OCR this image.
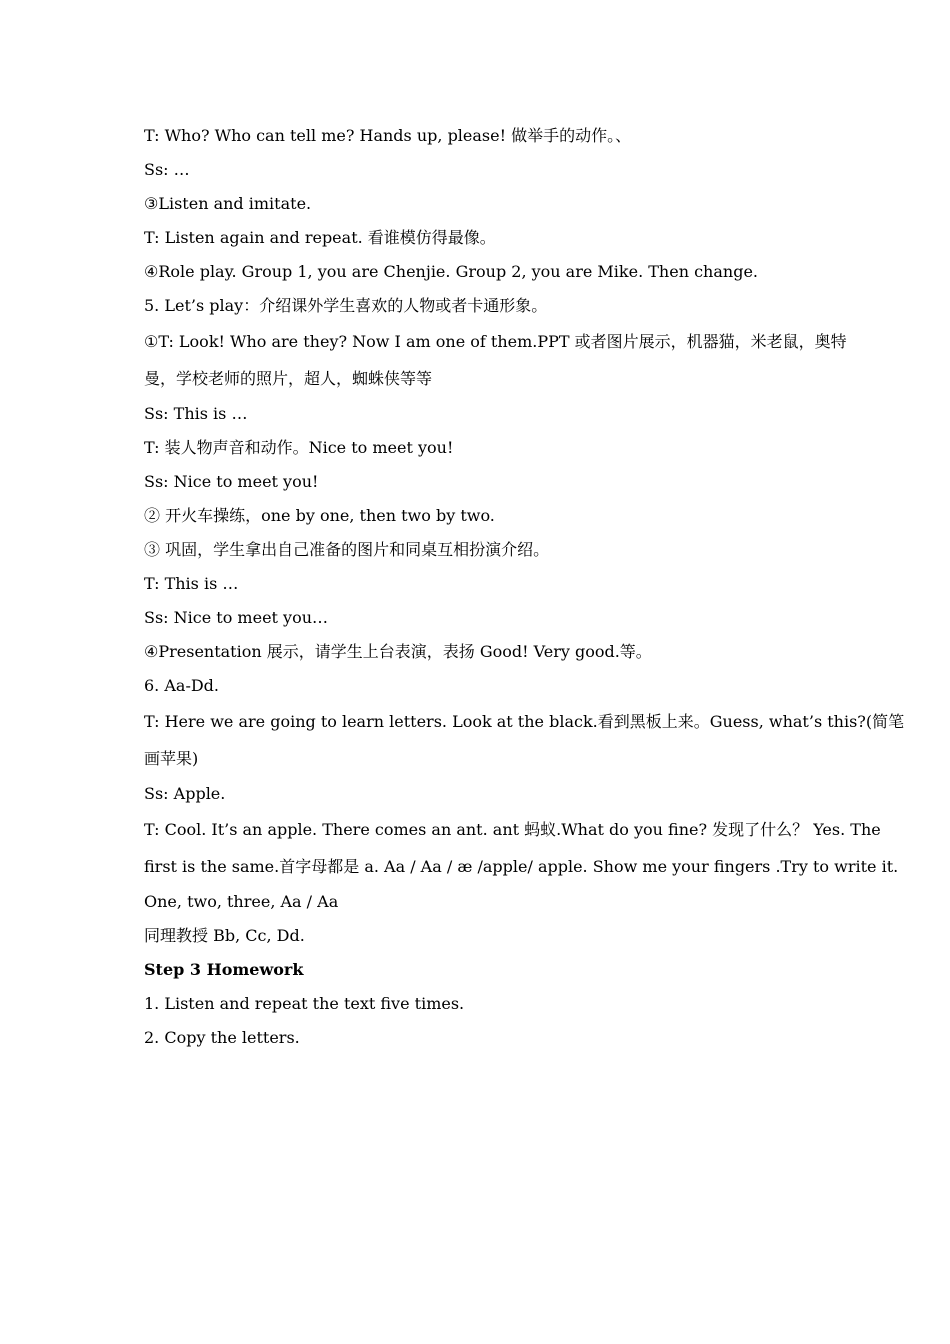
T: Who? Who can tell me? Hands up, please! 做举手的动作。、

Ss: …

③Listen and imitate.

T: Listen again and repeat. 看谁模仿得最像。

④Role play. Group 1, you are Chenjie. Group 2, you are Mike. Then change.

5. Let’s play：介绍课外学生喜欢的人物或者卡通形象。

①T: Look! Who are they? Now I am one of them.PPT 或者图片展示，机器猫，米老鼠，奥特

曼，学校老师的照片，超人，蜘蛛侠等等

Ss: This is …

T: 装人物声音和动作。Nice to meet you!

Ss: Nice to meet you!

② 开火车操练，one by one, then two by two.

③ 巩固，学生拿出自己准备的图片和同桌互相扮演介绍。

T: This is …

Ss: Nice to meet you…

④Presentation 展示，请学生上台表演，表扬 Good! Very good.等。

6. Aa-Dd.

T: Here we are going to learn letters. Look at the black.看到黑板上来。Guess, what’s this?(简笔

画苹果)

Ss: Apple.

T: Cool. It’s an apple. There comes an ant. ant 蚂蚁.What do you fine? 发现了什么？ Yes. The

first is the same.首字母都是 a. Aa / Aa / æ /apple/ apple. Show me your fingers .Try to write it.

One, two, three, Aa / Aa

同理教授 Bb, Cc, Dd.

Step 3 Homework

1. Listen and repeat the text five times.

2. Copy the letters.
